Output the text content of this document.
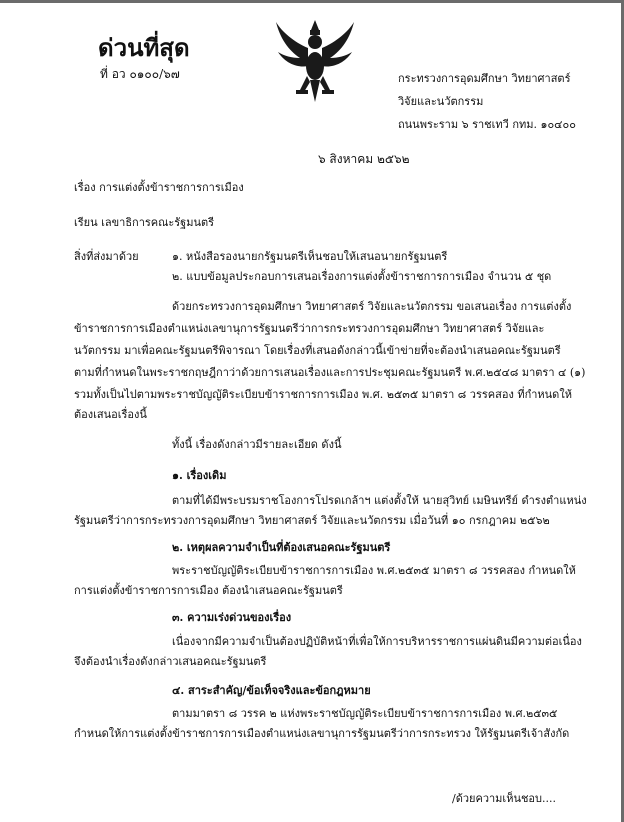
ด่วนที่สุด
ที่ อว ๐๑๐๐/๖๗	กระทรวงการอุดมศึกษา วิทยาศาสตร์
วิจัยและนวัตกรรม
ถนนพระราม ๖ ราชเทวี กทม. ๑๐๔๐๐
๖ สิงหาคม ๒๕๖๒
เรื่อง การแต่งตั้งข้าราชการการเมือง
เรียน เลขาธิการคณะรัฐมนตรี
สิ่งที่ส่งมาด้วย	๑. หนังสือรองนายกรัฐมนตรีเห็นชอบให้เสนอนายกรัฐมนตรี
๒. แบบข้อมูลประกอบการเสนอเรื่องการแต่งตั้งข้าราชการการเมือง จำนวน ๕ ชุด
ด้วยกระทรวงการอุดมศึกษา วิทยาศาสตร์ วิจัยและนวัตกรรม ขอเสนอเรื่อง การแต่งตั้ง
ข้าราชการการเมืองตำแหน่งเลขานุการรัฐมนตรีว่าการกระทรวงการอุดมศึกษา วิทยาศาสตร์ วิจัยและ
นวัตกรรม มาเพื่อคณะรัฐมนตรีพิจารณา โดยเรื่องที่เสนอดังกล่าวนี้เข้าข่ายที่จะต้องนำเสนอคณะรัฐมนตรี
ตามที่กำหนดในพระราชกฤษฎีกาว่าด้วยการเสนอเรื่องและการประชุมคณะรัฐมนตรี พ.ศ.๒๕๔๘ มาตรา ๔ (๑)
รวมทั้งเป็นไปตามพระราชบัญญัติระเบียบข้าราชการการเมือง พ.ศ. ๒๕๓๕ มาตรา ๘ วรรคสอง ที่กำหนดให้
ต้องเสนอเรื่องนี้
ทั้งนี้ เรื่องดังกล่าวมีรายละเอียด ดังนี้
๑. เรื่องเดิม
ตามที่ได้มีพระบรมราชโองการโปรดเกล้าฯ แต่งตั้งให้ นายสุวิทย์ เมษินทรีย์ ดำรงตำแหน่ง
รัฐมนตรีว่าการกระทรวงการอุดมศึกษา วิทยาศาสตร์ วิจัยและนวัตกรรม เมื่อวันที่ ๑๐ กรกฎาคม ๒๕๖๒
๒. เหตุผลความจำเป็นที่ต้องเสนอคณะรัฐมนตรี
พระราชบัญญัติระเบียบข้าราชการการเมือง พ.ศ.๒๕๓๕ มาตรา ๘ วรรคสอง กำหนดให้
การแต่งตั้งข้าราชการการเมือง ต้องนำเสนอคณะรัฐมนตรี
๓. ความเร่งด่วนของเรื่อง
เนื่องจากมีความจำเป็นต้องปฏิบัติหน้าที่เพื่อให้การบริหารราชการแผ่นดินมีความต่อเนื่อง
จึงต้องนำเรื่องดังกล่าวเสนอคณะรัฐมนตรี
๔. สาระสำคัญ/ข้อเท็จจริงและข้อกฎหมาย
ตามมาตรา ๘ วรรค ๒ แห่งพระราชบัญญัติระเบียบข้าราชการการเมือง พ.ศ.๒๕๓๕
กำหนดให้การแต่งตั้งข้าราชการการเมืองตำแหน่งเลขานุการรัฐมนตรีว่าการกระทรวง ให้รัฐมนตรีเจ้าสังกัด
/ด้วยความเห็นชอบ....
